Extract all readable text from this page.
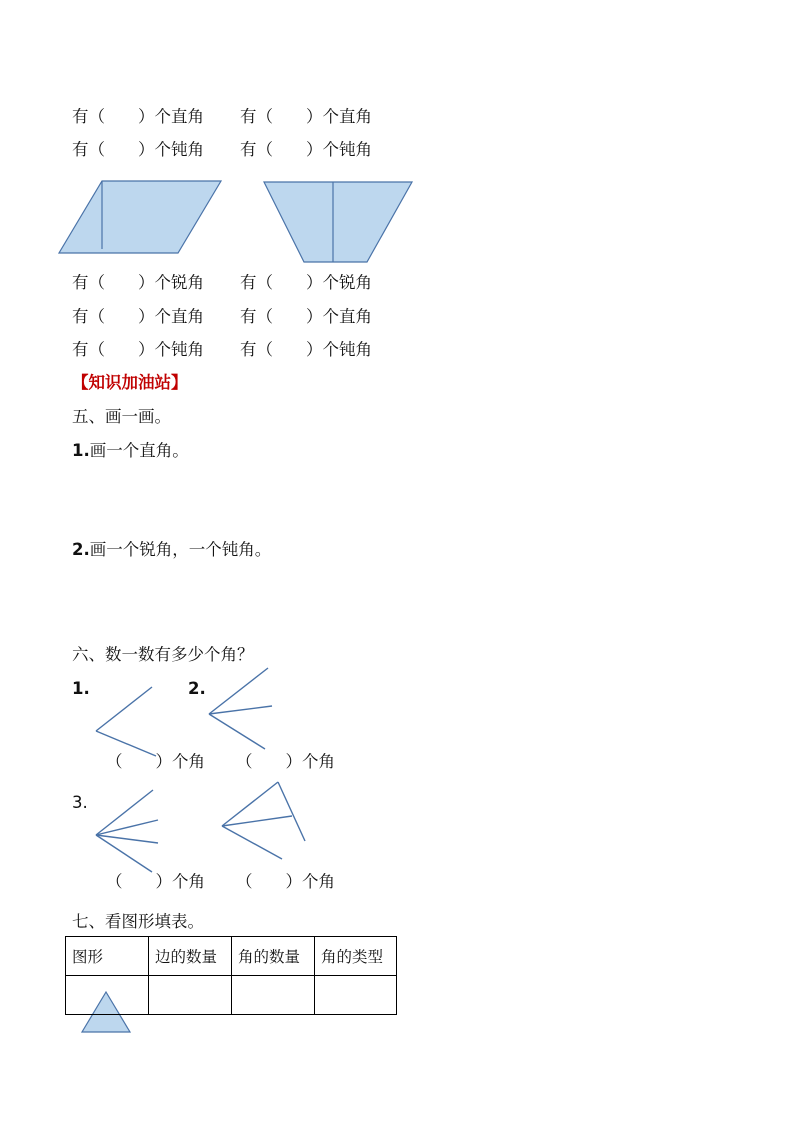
有（　　）个直角 有（　　）个直角
有（　　）个钝角 有（　　）个钝角
有（　　）个锐角 有（　　）个锐角
有（　　）个直角 有（　　）个直角
有（　　）个钝角 有（　　）个钝角
【知识加油站】
五、画一画。
1.画一个直角。
2.画一个锐角，一个钝角。
六、数一数有多少个角？
1.	2.
（　　）个角 （　　）个角
3.
（　　）个角 （　　）个角
七、看图形填表。
图形	边的数量	角的数量	角的类型
